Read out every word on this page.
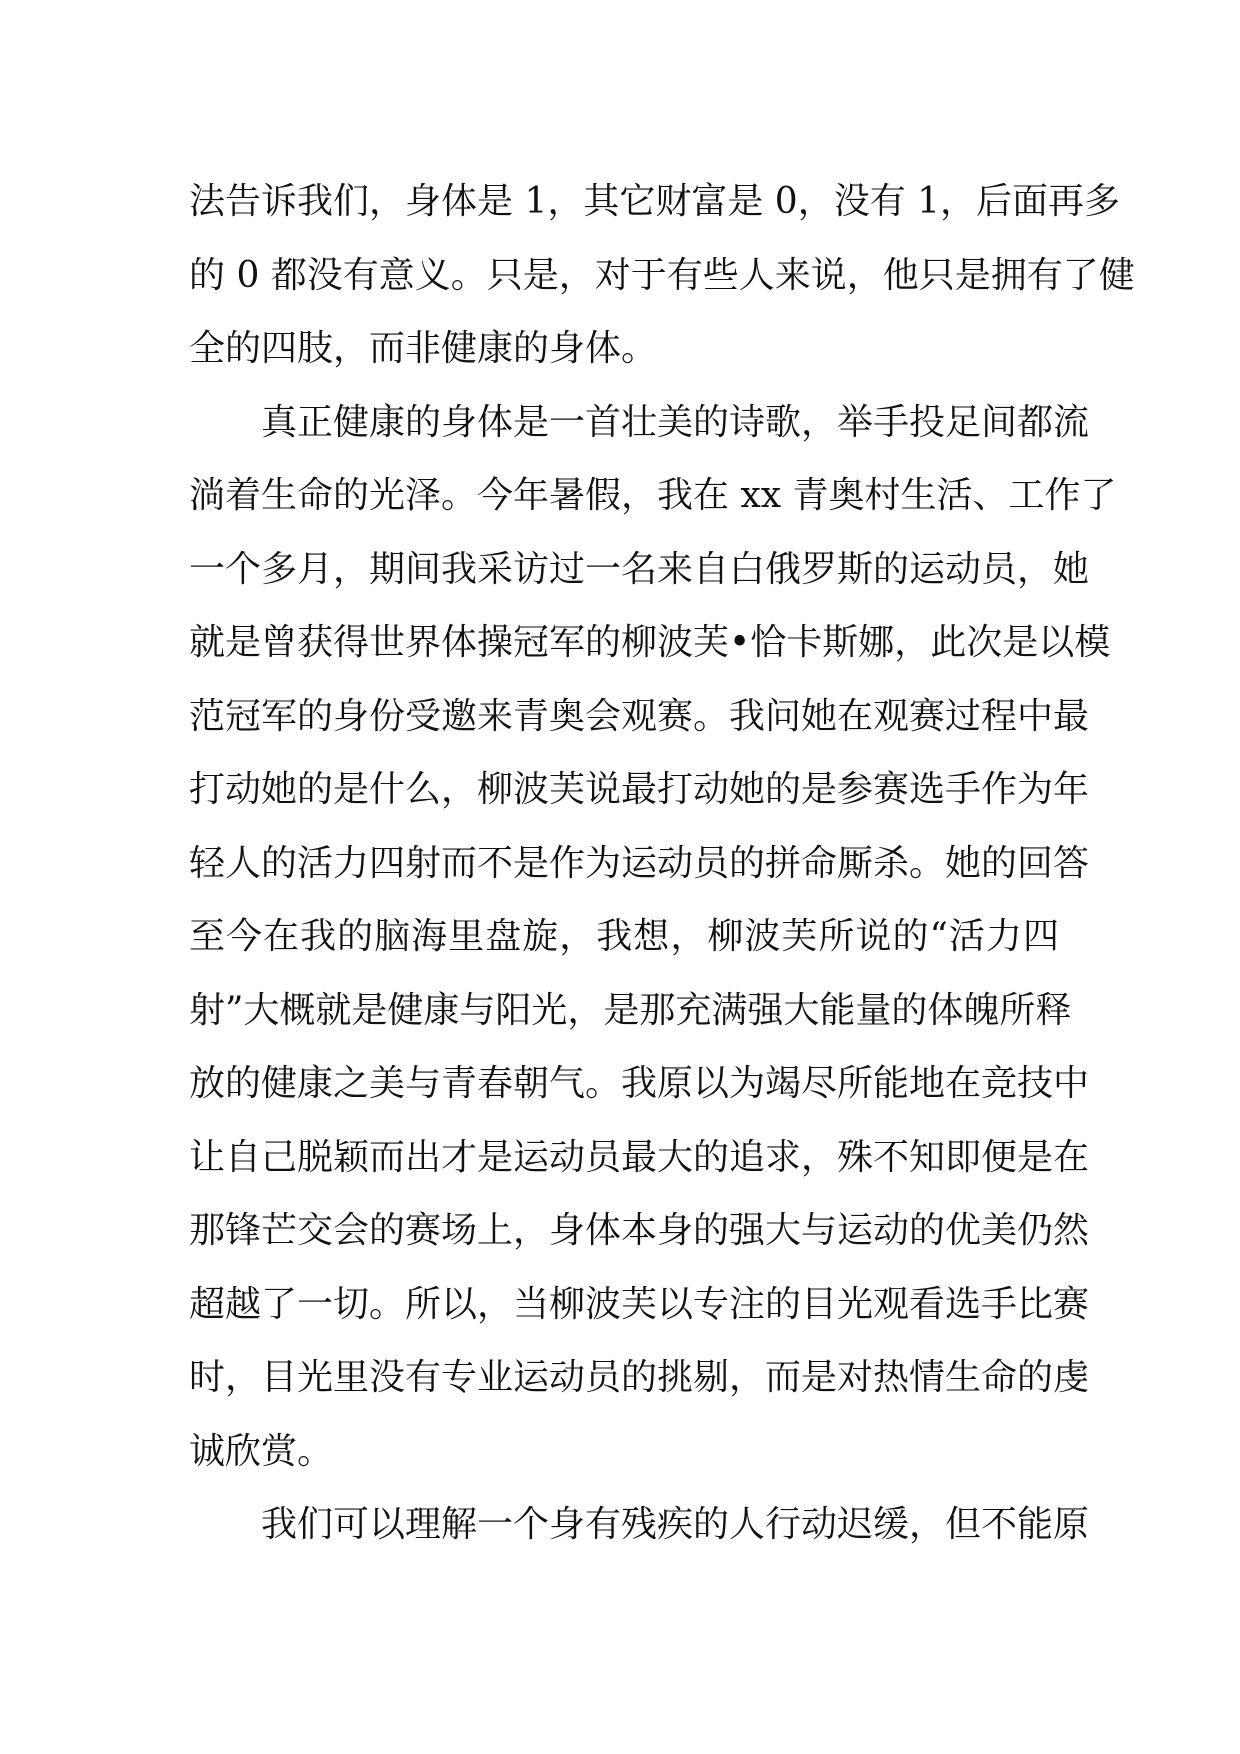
法告诉我们，身体是 1，其它财富是 0，没有 1，后面再多
的 0 都没有意义。只是，对于有些人来说，他只是拥有了健
全的四肢，而非健康的身体。
真正健康的身体是一首壮美的诗歌，举手投足间都流
淌着生命的光泽。今年暑假，我在 xx 青奥村生活、工作了
一个多月，期间我采访过一名来自白俄罗斯的运动员，她
就是曾获得世界体操冠军的柳波芙•恰卡斯娜，此次是以模
范冠军的身份受邀来青奥会观赛。我问她在观赛过程中最
打动她的是什么，柳波芙说最打动她的是参赛选手作为年
轻人的活力四射而不是作为运动员的拼命厮杀。她的回答
至今在我的脑海里盘旋，我想，柳波芙所说的“活力四
射”大概就是健康与阳光，是那充满强大能量的体魄所释
放的健康之美与青春朝气。我原以为竭尽所能地在竞技中
让自己脱颖而出才是运动员最大的追求，殊不知即便是在
那锋芒交会的赛场上，身体本身的强大与运动的优美仍然
超越了一切。所以，当柳波芙以专注的目光观看选手比赛
时，目光里没有专业运动员的挑剔，而是对热情生命的虔
诚欣赏。
我们可以理解一个身有残疾的人行动迟缓，但不能原
